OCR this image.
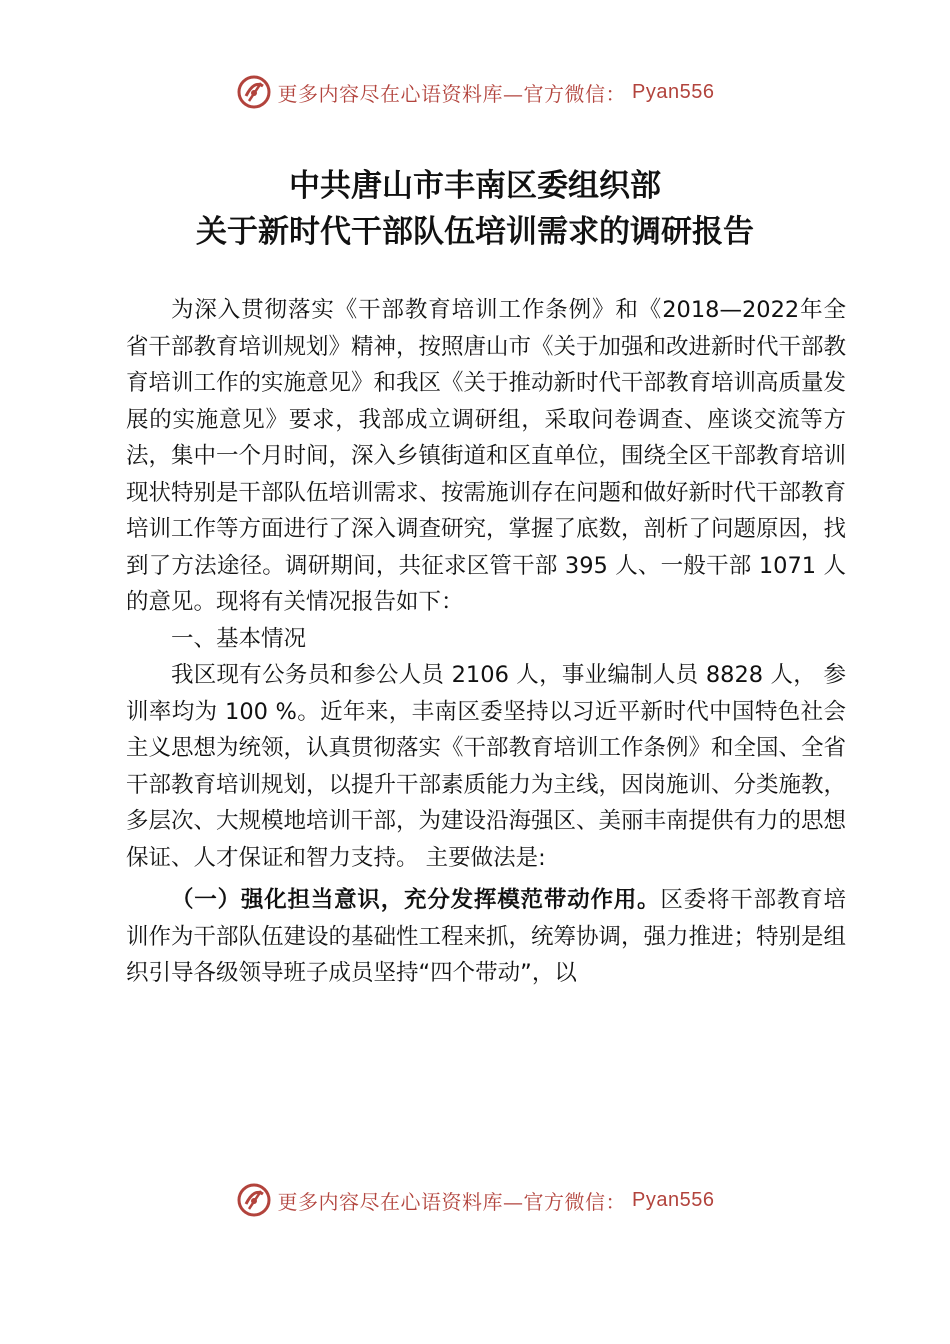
更多内容尽在心语资料库—官方微信： Pyan556
中共唐山市丰南区委组织部
关于新时代干部队伍培训需求的调研报告

为深入贯彻落实《干部教育培训工作条例》和《2018—2022年全省干部教育培训规划》精神，按照唐山市《关于加强和改进新时代干部教育培训工作的实施意见》和我区《关于推动新时代干部教育培训高质量发展的实施意见》要求，我部成立调研组，采取问卷调查、座谈交流等方法，集中一个月时间，深入乡镇街道和区直单位，围绕全区干部教育培训现状特别是干部队伍培训需求、按需施训存在问题和做好新时代干部教育培训工作等方面进行了深入调查研究，掌握了底数，剖析了问题原因，找到了方法途径。调研期间，共征求区管干部 395 人、一般干部 1071 人的意见。现将有关情况报告如下：

一、基本情况

我区现有公务员和参公人员 2106 人，事业编制人员 8828 人， 参训率均为 100 %。近年来，丰南区委坚持以习近平新时代中国特色社会主义思想为统领，认真贯彻落实《干部教育培训工作条例》和全国、全省干部教育培训规划，以提升干部素质能力为主线，因岗施训、分类施教，多层次、大规模地培训干部，为建设沿海强区、美丽丰南提供有力的思想保证、人才保证和智力支持。 主要做法是:

（一）强化担当意识，充分发挥模范带动作用。区委将干部教育培训作为干部队伍建设的基础性工程来抓，统筹协调，强力推进；特别是组织引导各级领导班子成员坚持“四个带动”，以

更多内容尽在心语资料库—官方微信： Pyan556
